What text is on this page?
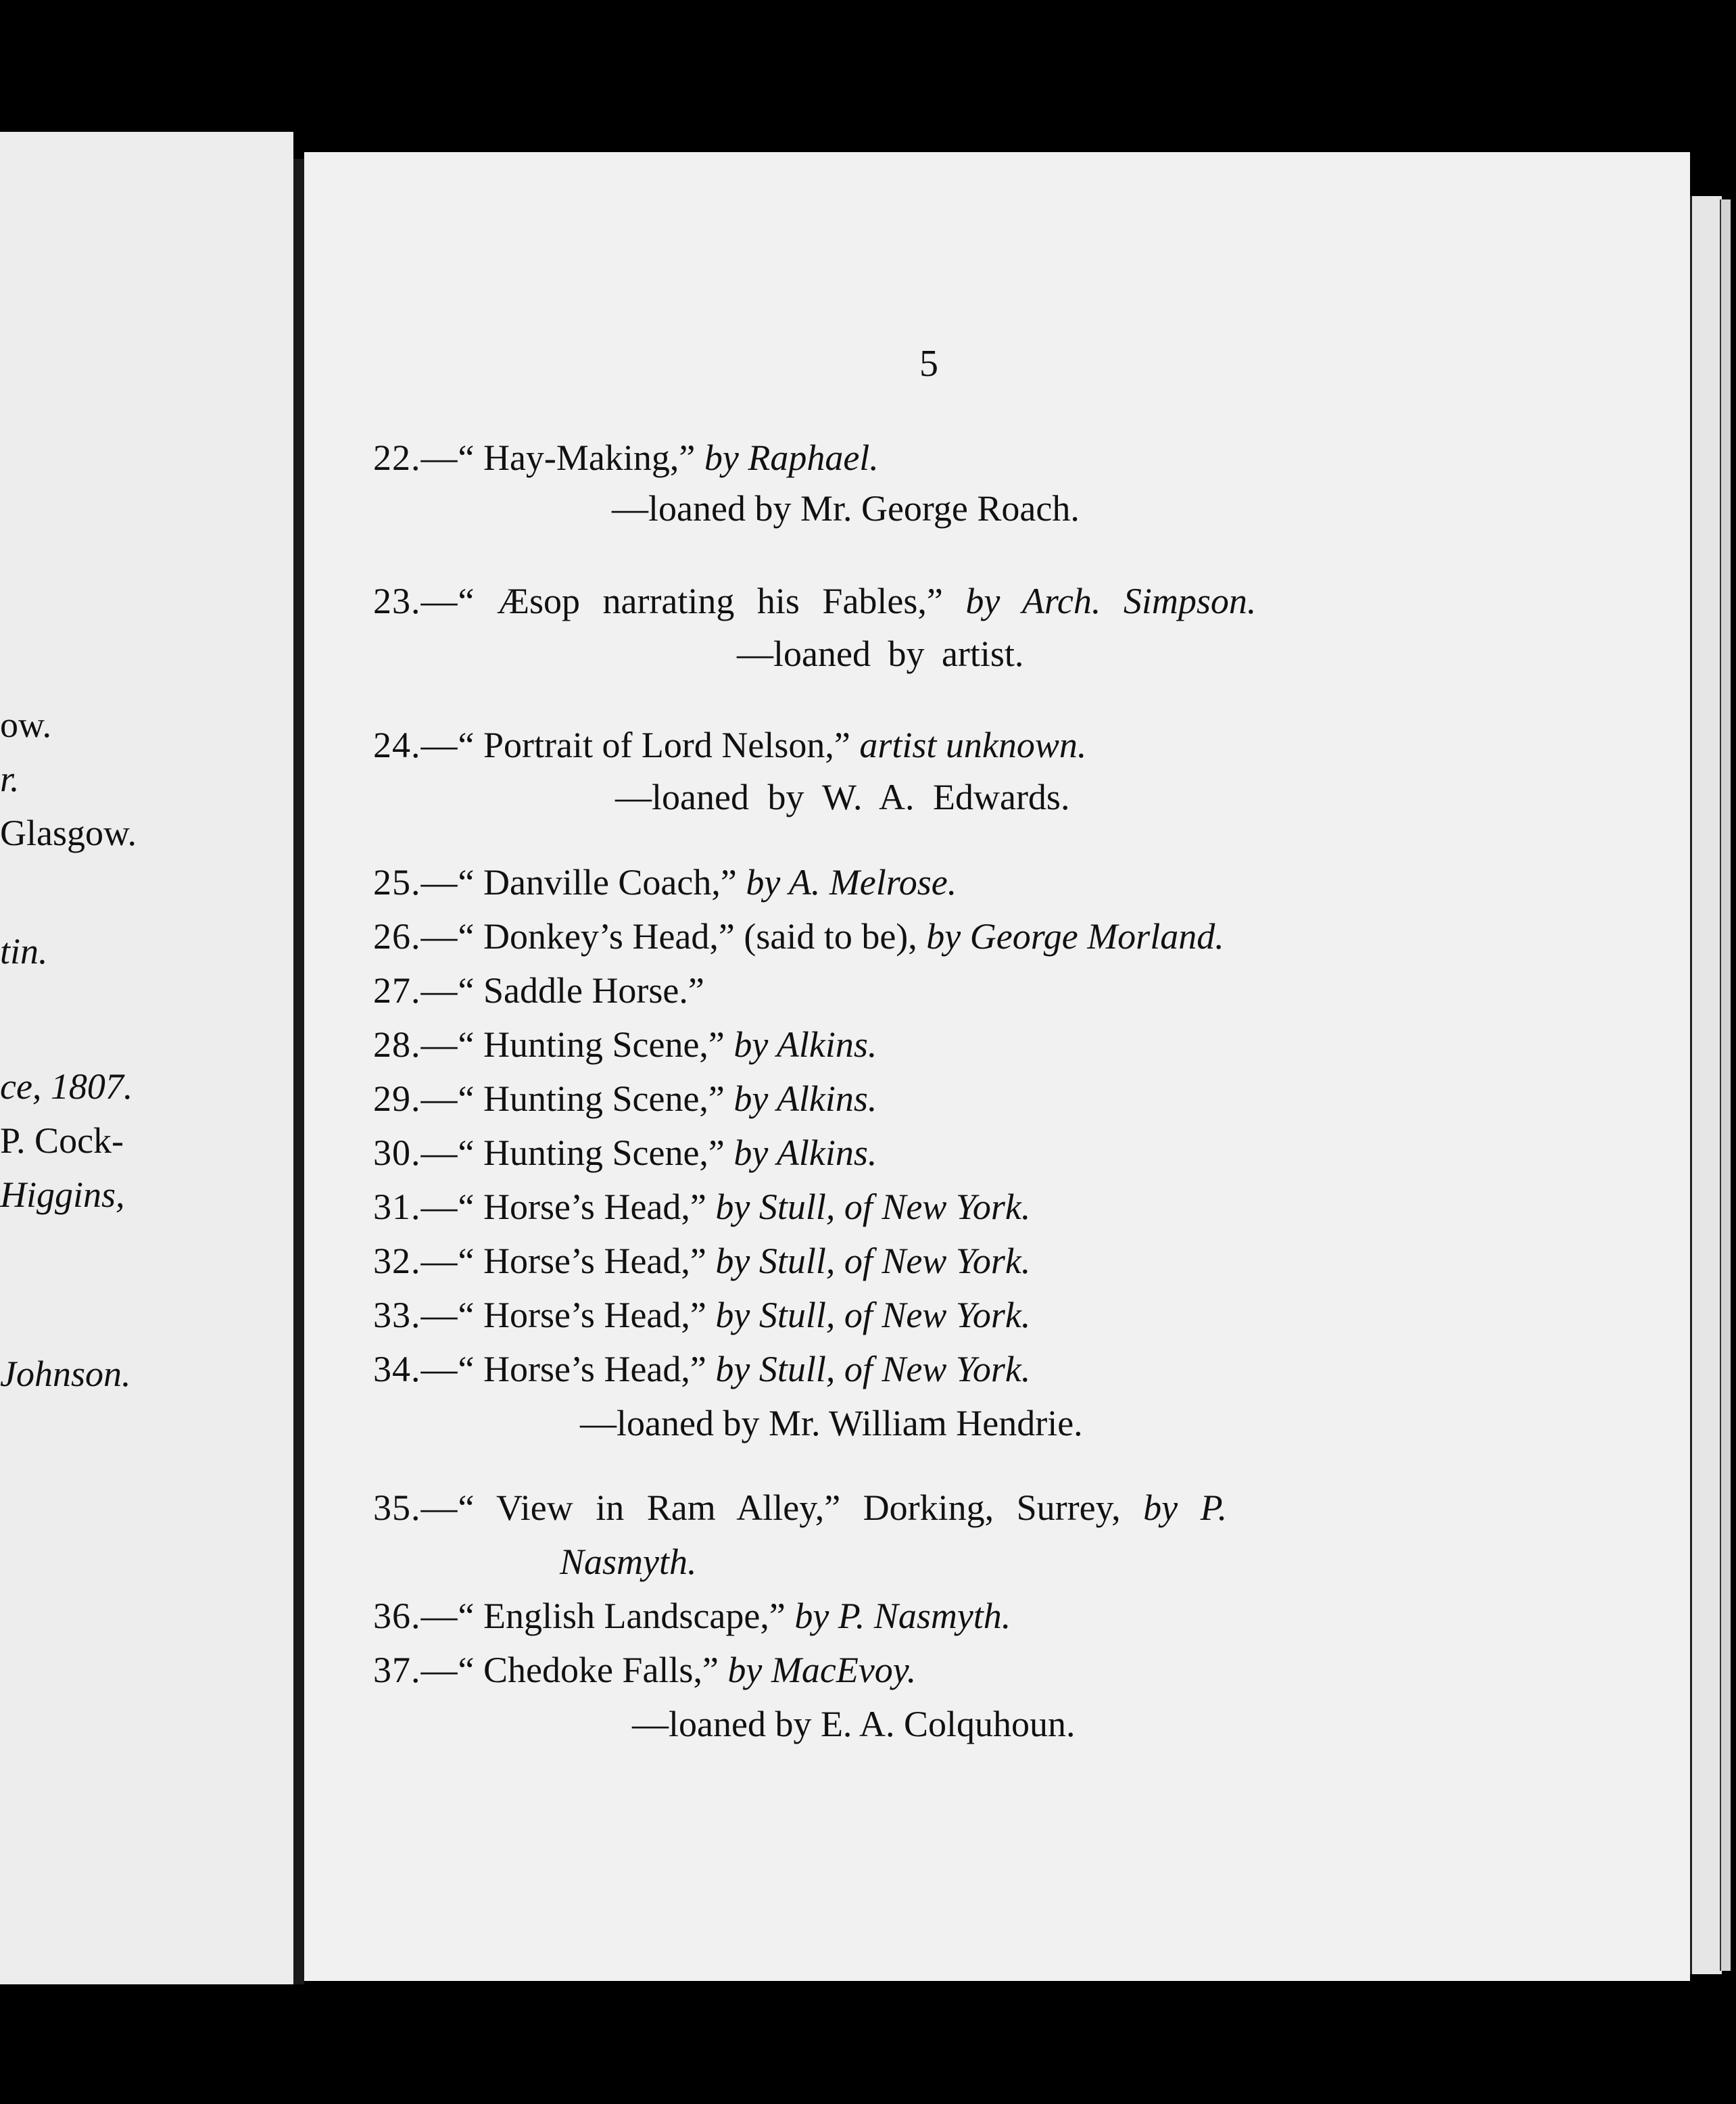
ow.
r.
Glasgow.
tin.
ce, 1807.
P. Cock-
Higgins,
Johnson.
5
22.—“ Hay-Making,” by Raphael.
—loaned by Mr. George Roach.
23.—“ Æsop narrating his Fables,” by Arch. Simpson.
—loaned by artist.
24.—“ Portrait of Lord Nelson,” artist unknown.
—loaned by W. A. Edwards.
25.—“ Danville Coach,” by A. Melrose.
26.—“ Donkey’s Head,” (said to be), by George Morland.
27.—“ Saddle Horse.”
28.—“ Hunting Scene,” by Alkins.
29.—“ Hunting Scene,” by Alkins.
30.—“ Hunting Scene,” by Alkins.
31.—“ Horse’s Head,” by Stull, of New York.
32.—“ Horse’s Head,” by Stull, of New York.
33.—“ Horse’s Head,” by Stull, of New York.
34.—“ Horse’s Head,” by Stull, of New York.
—loaned by Mr. William Hendrie.
35.—“ View in Ram Alley,” Dorking, Surrey, by P.
Nasmyth.
36.—“ English Landscape,” by P. Nasmyth.
37.—“ Chedoke Falls,” by MacEvoy.
—loaned by E. A. Colquhoun.
